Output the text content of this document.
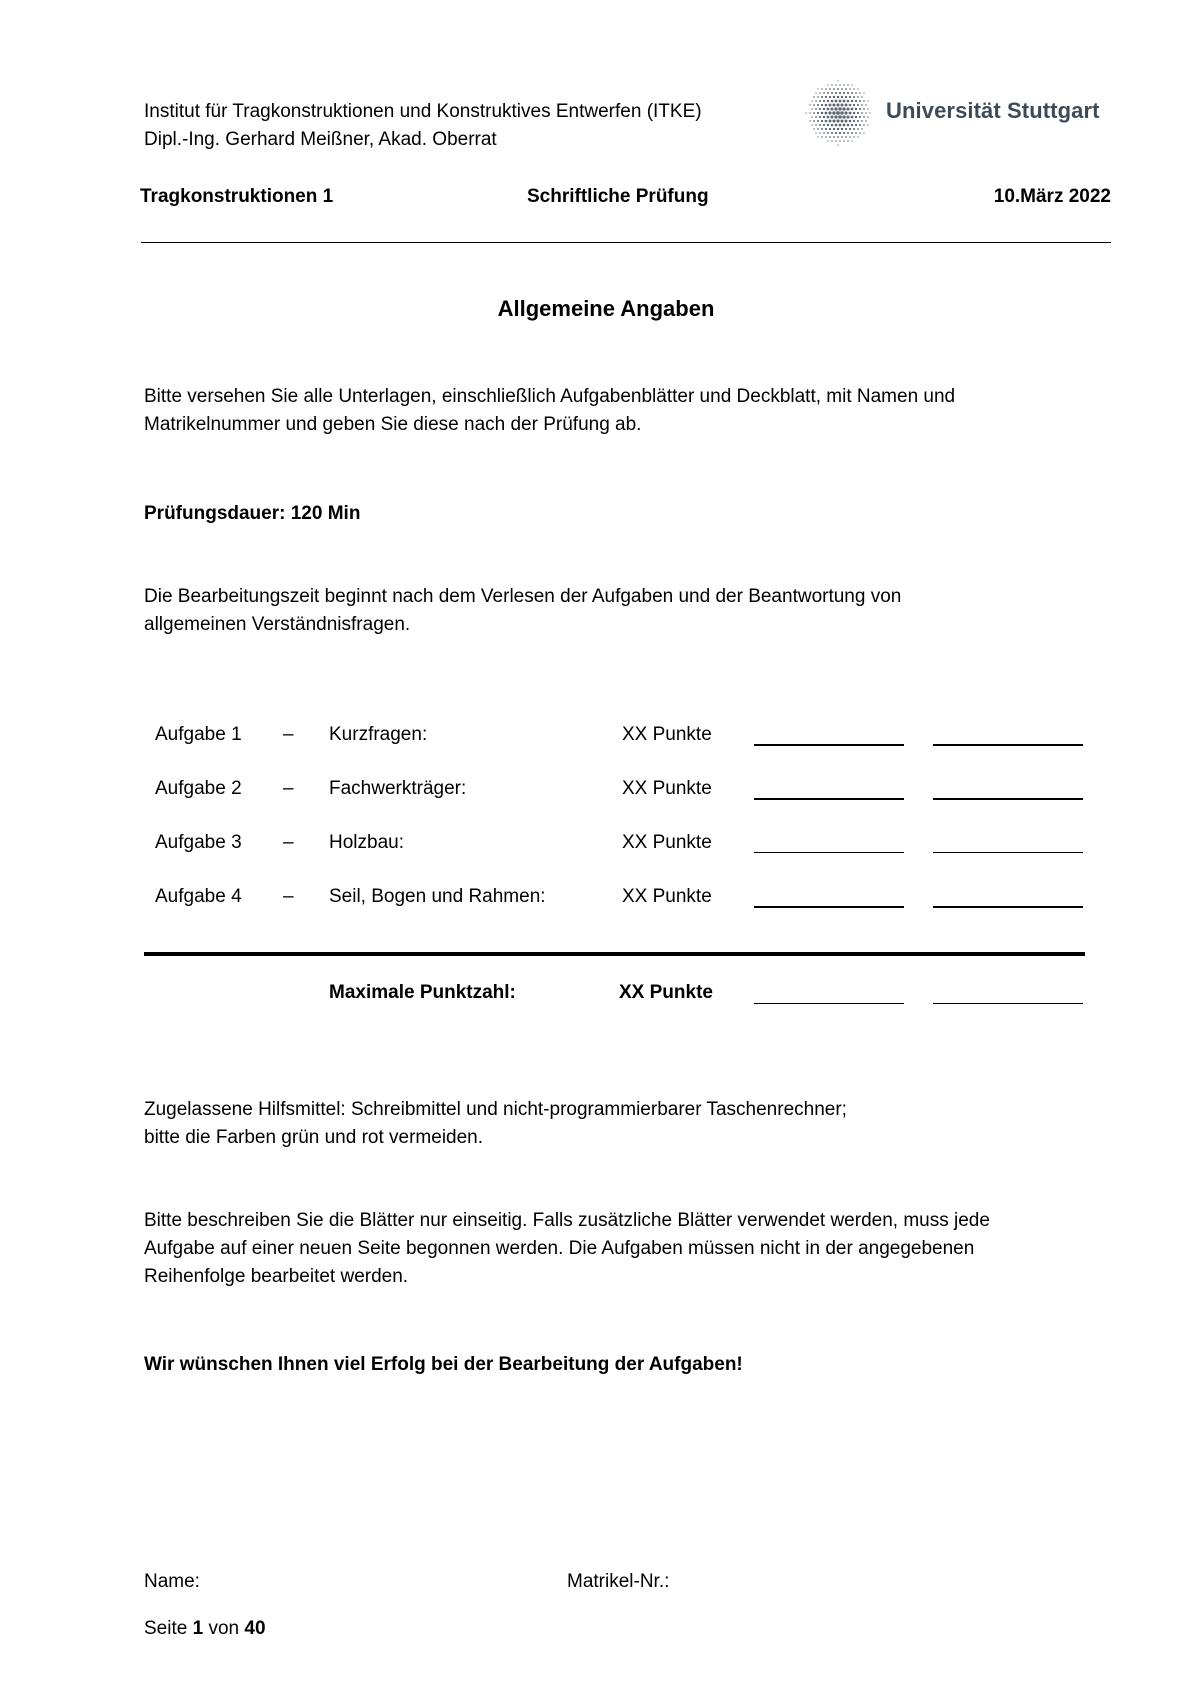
Institut für Tragkonstruktionen und Konstruktives Entwerfen (ITKE)
Dipl.-Ing. Gerhard Meißner, Akad. Oberrat
Universität Stuttgart
Tragkonstruktionen 1	Schriftliche Prüfung	10.März 2022
Allgemeine Angaben
Bitte versehen Sie alle Unterlagen, einschließlich Aufgabenblätter und Deckblatt, mit Namen und Matrikelnummer und geben Sie diese nach der Prüfung ab.
Prüfungsdauer: 120 Min
Die Bearbeitungszeit beginnt nach dem Verlesen der Aufgaben und der Beantwortung von allgemeinen Verständnisfragen.
Aufgabe 1 – Kurzfragen:	XX Punkte
Aufgabe 2 – Fachwerkträger:	XX Punkte
Aufgabe 3 – Holzbau:	XX Punkte
Aufgabe 4 – Seil, Bogen und Rahmen:	XX Punkte
Maximale Punktzahl:	XX Punkte
Zugelassene Hilfsmittel: Schreibmittel und nicht-programmierbarer Taschenrechner;
bitte die Farben grün und rot vermeiden.
Bitte beschreiben Sie die Blätter nur einseitig. Falls zusätzliche Blätter verwendet werden, muss jede Aufgabe auf einer neuen Seite begonnen werden. Die Aufgaben müssen nicht in der angegebenen Reihenfolge bearbeitet werden.
Wir wünschen Ihnen viel Erfolg bei der Bearbeitung der Aufgaben!
Name:	Matrikel-Nr.:
Seite 1 von 40
